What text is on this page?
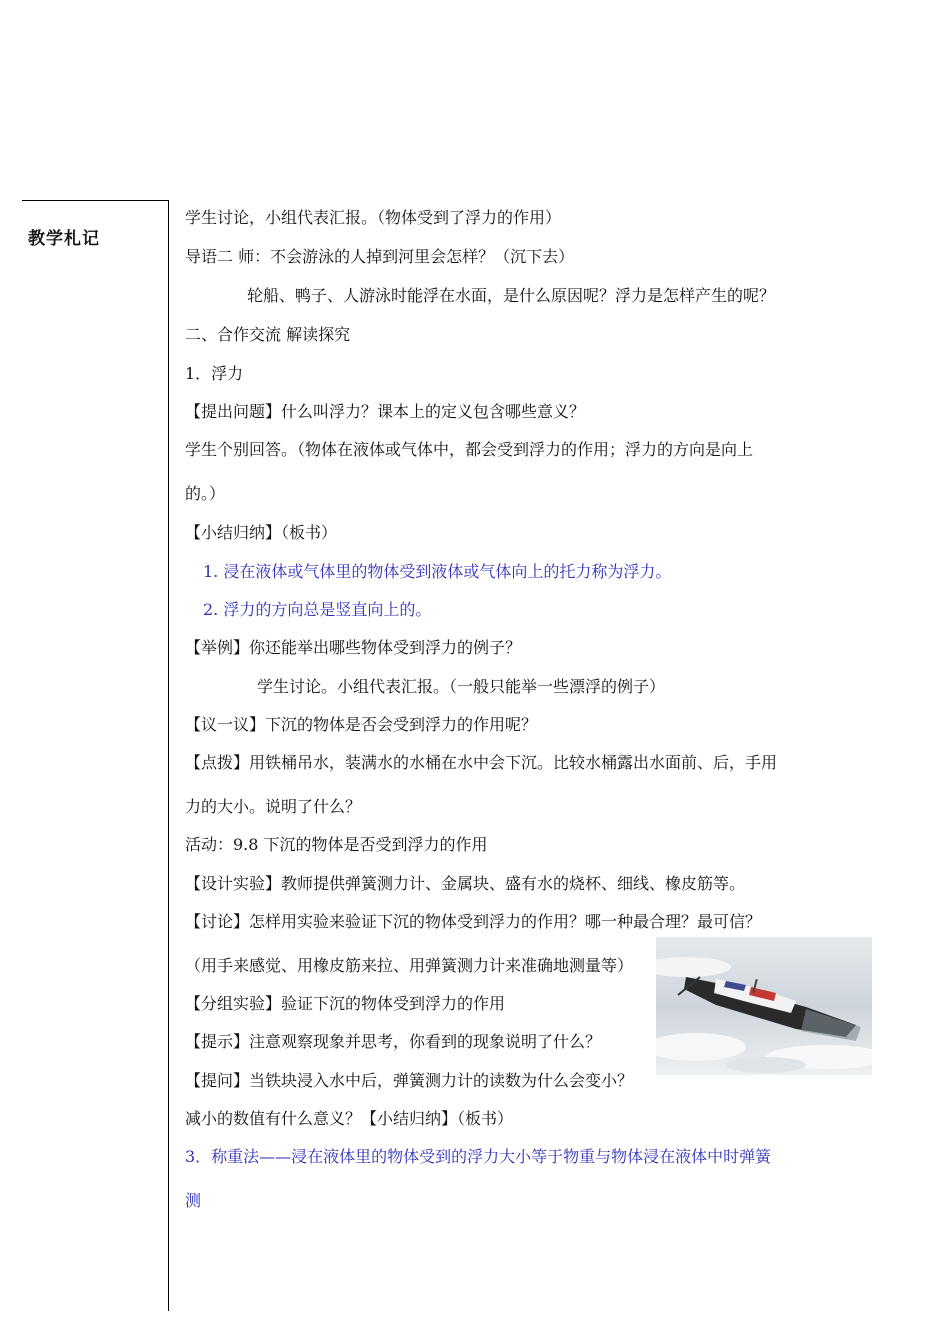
教学札记
学生讨论，小组代表汇报。（物体受到了浮力的作用）
导语二 师：不会游泳的人掉到河里会怎样？（沉下去）
轮船、鸭子、人游泳时能浮在水面，是什么原因呢？浮力是怎样产生的呢？
二、合作交流 解读探究
1．浮力
【提出问题】什么叫浮力？课本上的定义包含哪些意义？
学生个别回答。（物体在液体或气体中，都会受到浮力的作用；浮力的方向是向上
的。）
【小结归纳】（板书）
1. 浸在液体或气体里的物体受到液体或气体向上的托力称为浮力。
2. 浮力的方向总是竖直向上的。
【举例】你还能举出哪些物体受到浮力的例子？
学生讨论。小组代表汇报。（一般只能举一些漂浮的例子）
【议一议】下沉的物体是否会受到浮力的作用呢？
【点拨】用铁桶吊水，装满水的水桶在水中会下沉。比较水桶露出水面前、后，手用
力的大小。说明了什么？
活动：9.8 下沉的物体是否受到浮力的作用
【设计实验】教师提供弹簧测力计、金属块、盛有水的烧杯、细线、橡皮筋等。
【讨论】怎样用实验来验证下沉的物体受到浮力的作用？哪一种最合理？最可信？
（用手来感觉、用橡皮筋来拉、用弹簧测力计来准确地测量等）
【分组实验】验证下沉的物体受到浮力的作用
【提示】注意观察现象并思考，你看到的现象说明了什么？
【提问】当铁块浸入水中后，弹簧测力计的读数为什么会变小？
减小的数值有什么意义？【小结归纳】（板书）
3．称重法——浸在液体里的物体受到的浮力大小等于物重与物体浸在液体中时弹簧
测
